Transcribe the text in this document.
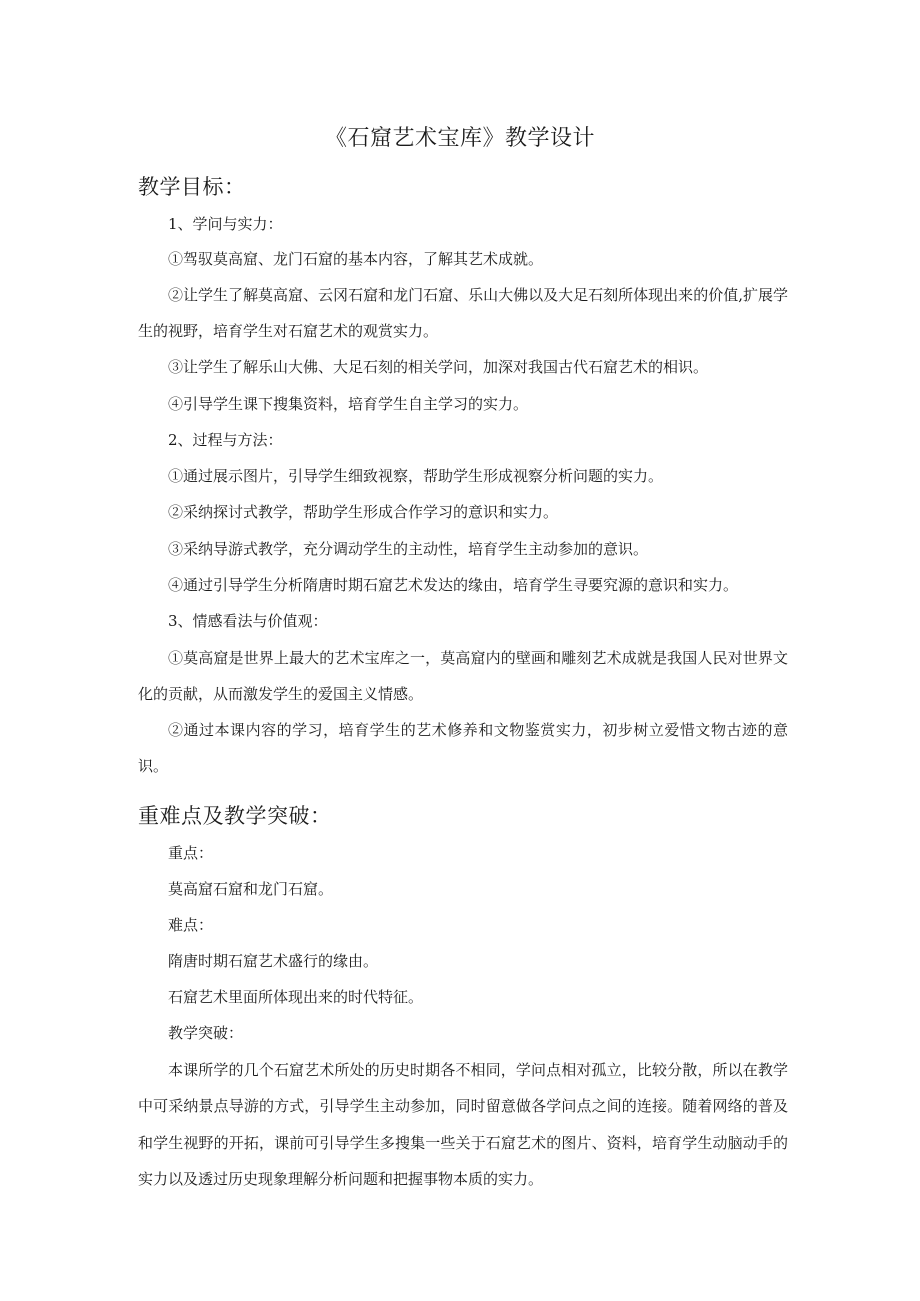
《石窟艺术宝库》教学设计
教学目标：
1、学问与实力：
①驾驭莫高窟、龙门石窟的基本内容，了解其艺术成就。
②让学生了解莫高窟、云冈石窟和龙门石窟、乐山大佛以及大足石刻所体现出来的价值,扩展学生的视野，培育学生对石窟艺术的观赏实力。
③让学生了解乐山大佛、大足石刻的相关学问，加深对我国古代石窟艺术的相识。
④引导学生课下搜集资料，培育学生自主学习的实力。
2、过程与方法：
①通过展示图片，引导学生细致视察，帮助学生形成视察分析问题的实力。
②采纳探讨式教学，帮助学生形成合作学习的意识和实力。
③采纳导游式教学，充分调动学生的主动性，培育学生主动参加的意识。
④通过引导学生分析隋唐时期石窟艺术发达的缘由，培育学生寻要究源的意识和实力。
3、情感看法与价值观：
①莫高窟是世界上最大的艺术宝库之一，莫高窟内的壁画和雕刻艺术成就是我国人民对世界文化的贡献，从而激发学生的爱国主义情感。
②通过本课内容的学习，培育学生的艺术修养和文物鉴赏实力，初步树立爱惜文物古迹的意识。
重难点及教学突破：
重点：
莫高窟石窟和龙门石窟。
难点：
隋唐时期石窟艺术盛行的缘由。
石窟艺术里面所体现出来的时代特征。
教学突破：
本课所学的几个石窟艺术所处的历史时期各不相同，学问点相对孤立，比较分散，所以在教学中可采纳景点导游的方式，引导学生主动参加，同时留意做各学问点之间的连接。随着网络的普及和学生视野的开拓，课前可引导学生多搜集一些关于石窟艺术的图片、资料，培育学生动脑动手的实力以及透过历史现象理解分析问题和把握事物本质的实力。
